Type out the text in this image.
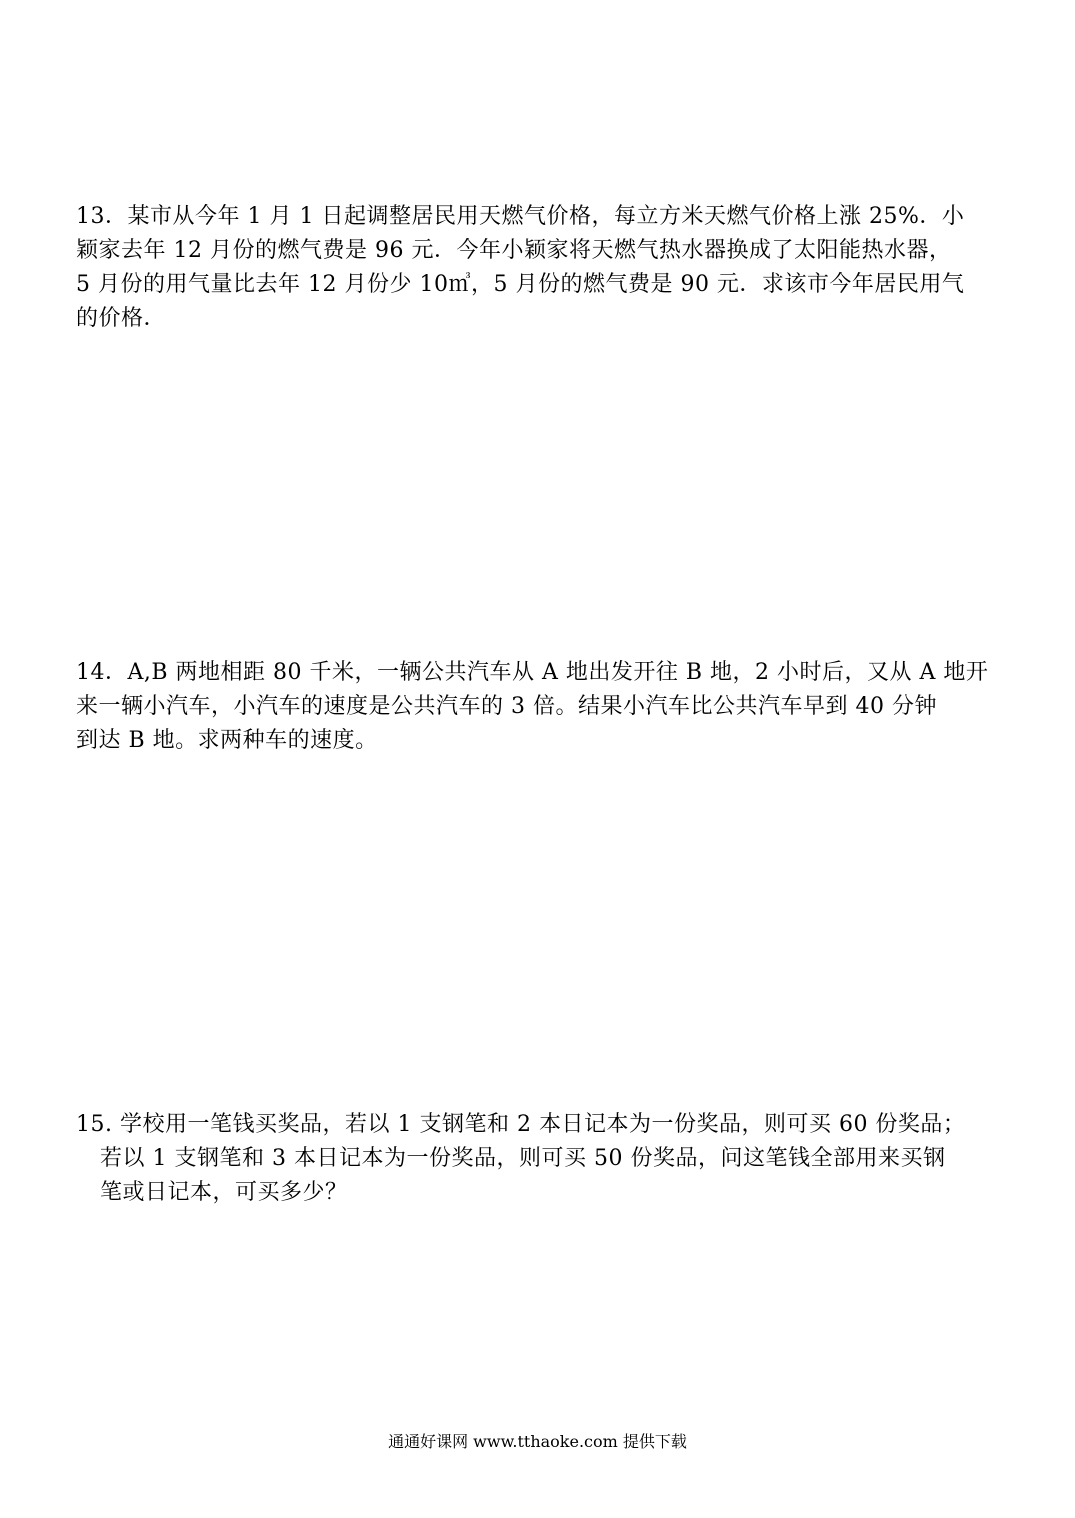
13．某市从今年 1 月 1 日起调整居民用天燃气价格，每立方米天燃气价格上涨 25%．小
颖家去年 12 月份的燃气费是 96 元．今年小颖家将天燃气热水器换成了太阳能热水器，
5 月份的用气量比去年 12 月份少 10㎥，5 月份的燃气费是 90 元．求该市今年居民用气
的价格．
14．A,B 两地相距 80 千米，一辆公共汽车从 A 地出发开往 B 地，2 小时后，又从 A 地开
来一辆小汽车，小汽车的速度是公共汽车的 3 倍。结果小汽车比公共汽车早到 40 分钟
到达 B 地。求两种车的速度。
15. 学校用一笔钱买奖品，若以 1 支钢笔和 2 本日记本为一份奖品，则可买 60 份奖品；
若以 1 支钢笔和 3 本日记本为一份奖品，则可买 50 份奖品，问这笔钱全部用来买钢
笔或日记本，可买多少？
通通好课网 www.tthaoke.com 提供下载
